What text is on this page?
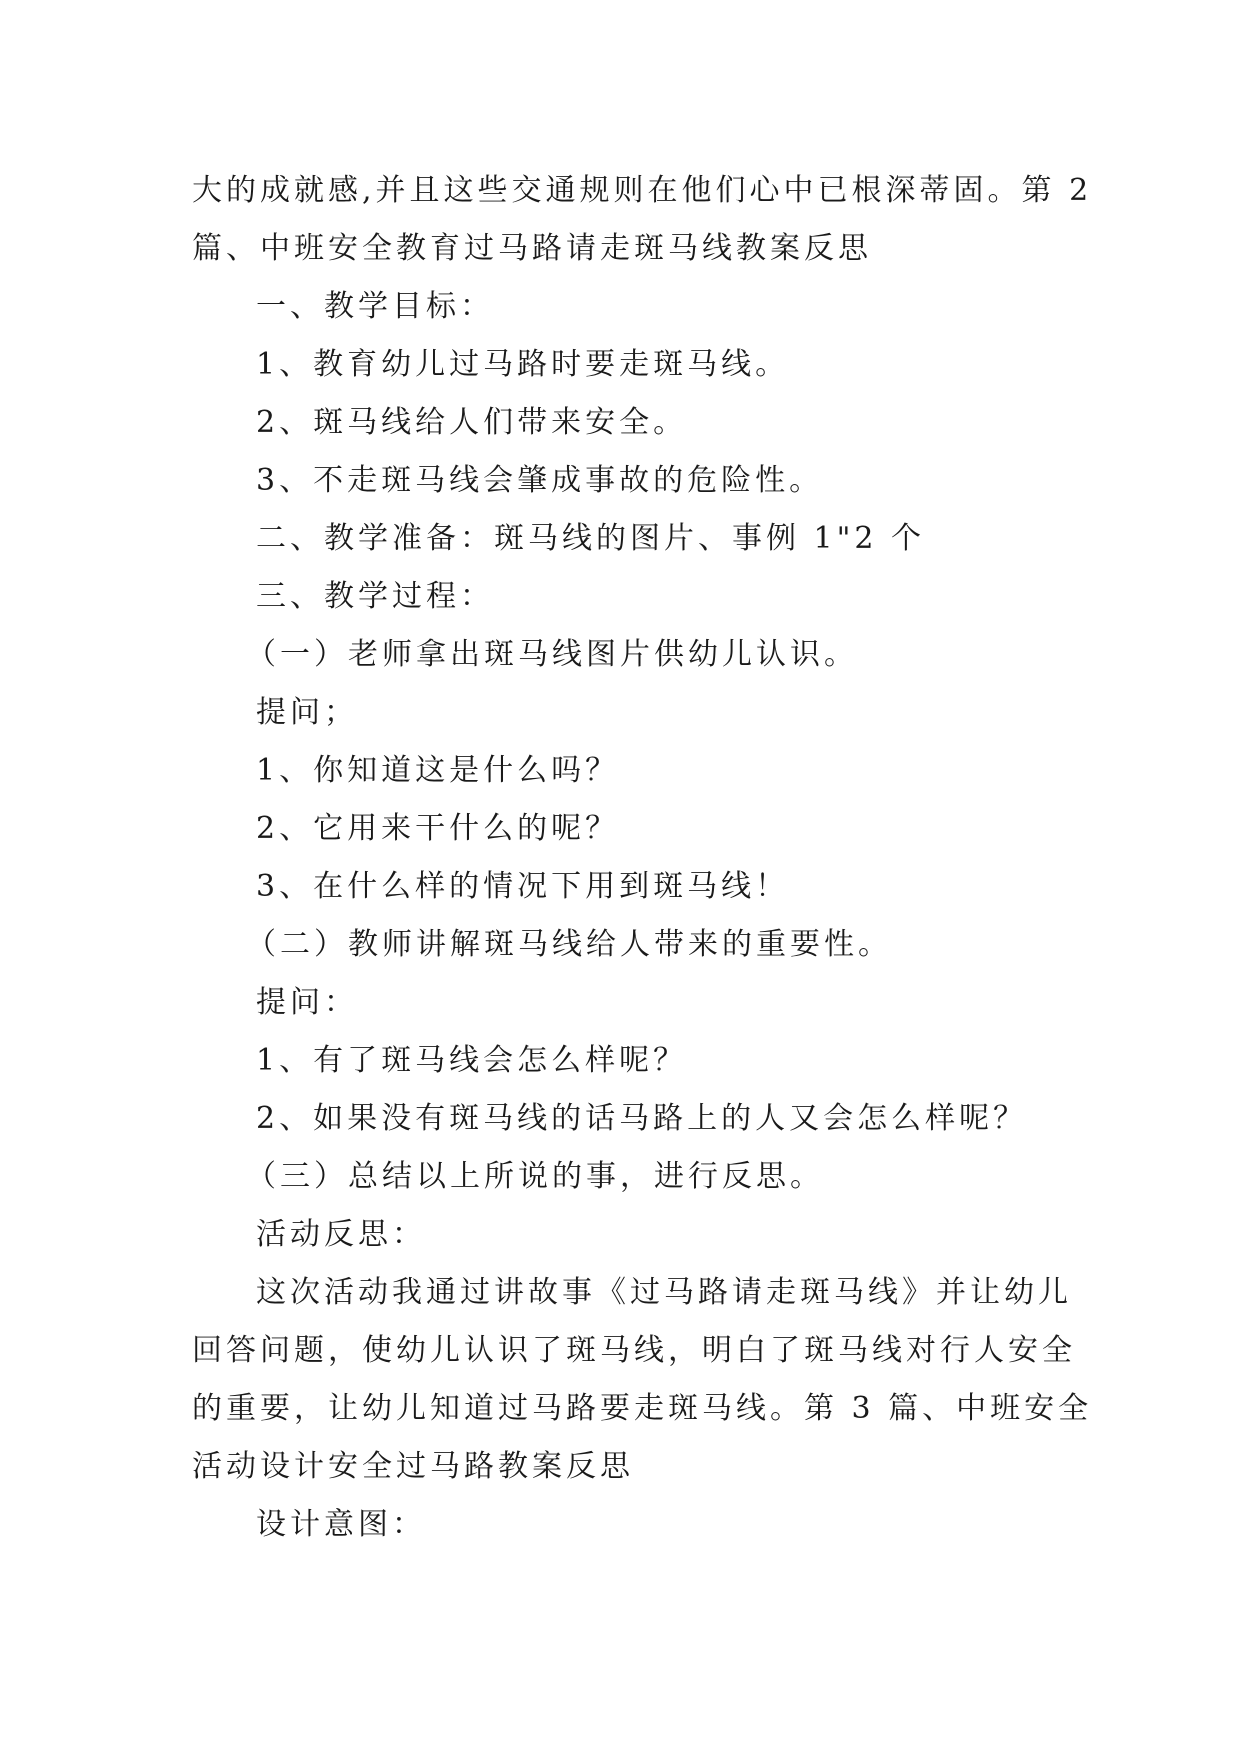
大的成就感,并且这些交通规则在他们心中已根深蒂固。第 2
篇、中班安全教育过马路请走斑马线教案反思
一、教学目标：
1、教育幼儿过马路时要走斑马线。
2、斑马线给人们带来安全。
3、不走斑马线会肇成事故的危险性。
二、教学准备：斑马线的图片、事例 1"2 个
三、教学过程：
（一）老师拿出斑马线图片供幼儿认识。
提问；
1、你知道这是什么吗？
2、它用来干什么的呢？
3、在什么样的情况下用到斑马线！
（二）教师讲解斑马线给人带来的重要性。
提问：
1、有了斑马线会怎么样呢？
2、如果没有斑马线的话马路上的人又会怎么样呢？
（三）总结以上所说的事，进行反思。
活动反思：
这次活动我通过讲故事《过马路请走斑马线》并让幼儿
回答问题，使幼儿认识了斑马线，明白了斑马线对行人安全
的重要，让幼儿知道过马路要走斑马线。第 3 篇、中班安全
活动设计安全过马路教案反思
设计意图：
